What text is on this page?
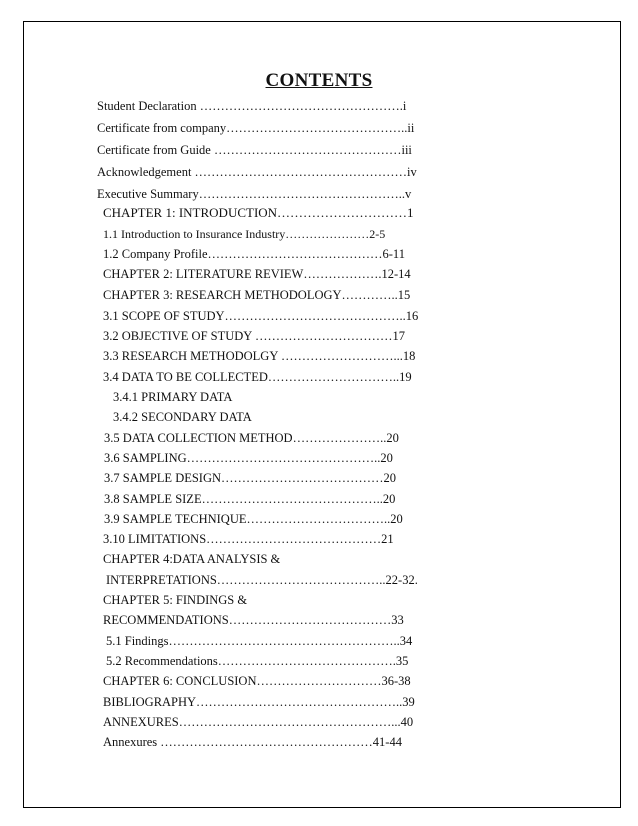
CONTENTS
Student Declaration ………………………………………….i
Certificate from company……………………………………..ii
Certificate from Guide ………………………………………iii
Acknowledgement ……………………………………………iv
Executive Summary…………………………………………..v
CHAPTER 1: INTRODUCTION…………………………1
1.1 Introduction to Insurance Industry…………………2-5
1.2 Company Profile……………………………………6-11
CHAPTER 2: LITERATURE REVIEW……………….12-14
CHAPTER 3: RESEARCH METHODOLOGY…………..15
3.1 SCOPE OF STUDY……………………………………..16
3.2 OBJECTIVE OF STUDY ……………………………17
3.3 RESEARCH METHODOLGY ………………………...18
3.4 DATA TO BE COLLECTED…………………………..19
3.4.1 PRIMARY DATA
3.4.2 SECONDARY DATA
3.5 DATA COLLECTION METHOD…………………..20
3.6 SAMPLING………………………………………..20
3.7 SAMPLE DESIGN…………………………………20
3.8 SAMPLE SIZE……………………………………..20
3.9 SAMPLE TECHNIQUE……………………………..20
3.10 LIMITATIONS……………………………………21
CHAPTER 4:DATA ANALYSIS &
INTERPRETATIONS…………………………………..22-32.
CHAPTER 5: FINDINGS &
RECOMMENDATIONS…………………………………33
5.1 Findings………………………………………………..34
5.2 Recommendations…………………………………….35
CHAPTER 6: CONCLUSION…………………………36-38
BIBLIOGRAPHY…………………………………………..39
ANNEXURES……………………………………………...40
Annexures ……………………………………………41-44
